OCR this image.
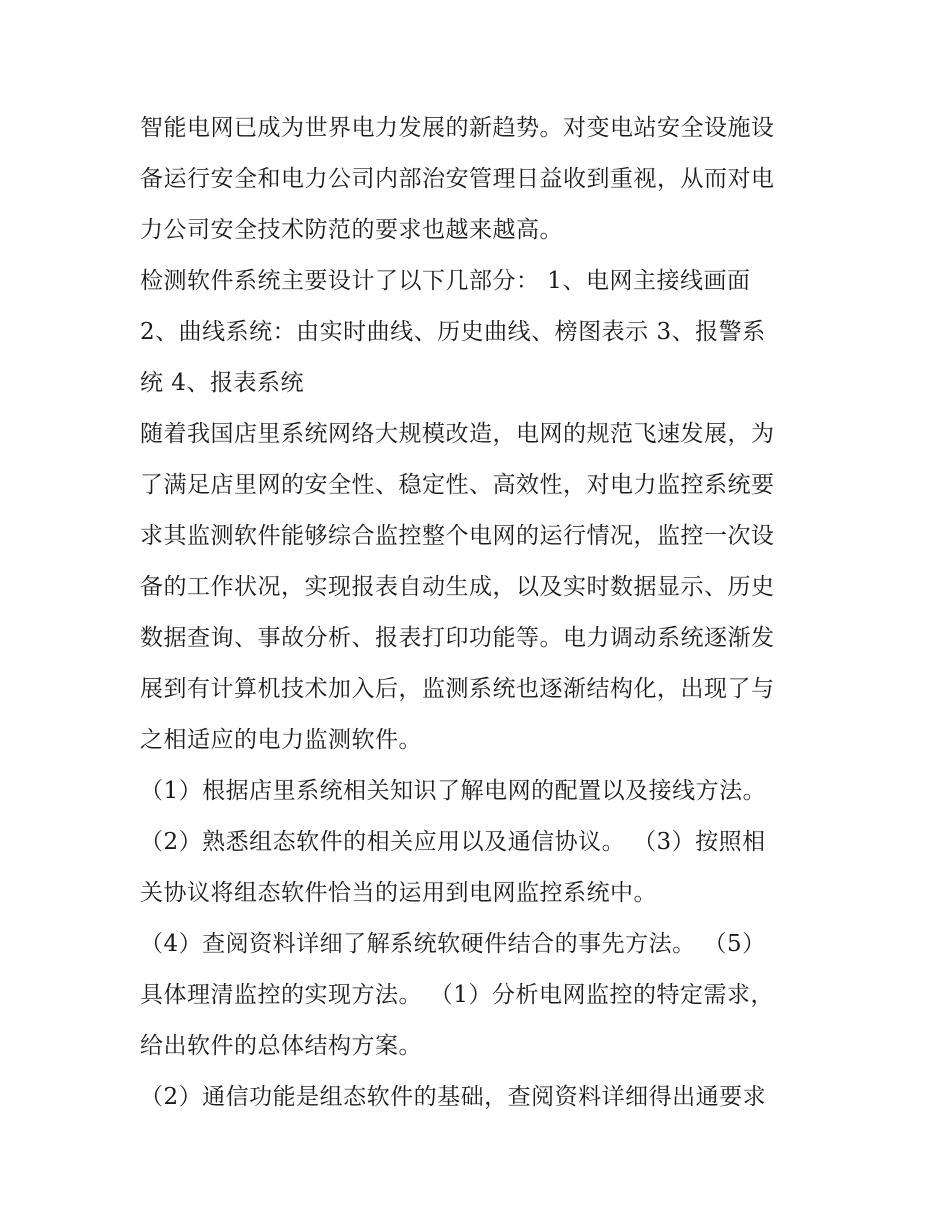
智能电网已成为世界电力发展的新趋势。对变电站安全设施设
备运行安全和电力公司内部治安管理日益收到重视，从而对电
力公司安全技术防范的要求也越来越高。
检测软件系统主要设计了以下几部分： 1、电网主接线画面
2、曲线系统：由实时曲线、历史曲线、榜图表示 3、报警系
统 4、报表系统
随着我国店里系统网络大规模改造，电网的规范飞速发展，为
了满足店里网的安全性、稳定性、高效性，对电力监控系统要
求其监测软件能够综合监控整个电网的运行情况，监控一次设
备的工作状况，实现报表自动生成，以及实时数据显示、历史
数据查询、事故分析、报表打印功能等。电力调动系统逐渐发
展到有计算机技术加入后，监测系统也逐渐结构化，出现了与
之相适应的电力监测软件。
（1）根据店里系统相关知识了解电网的配置以及接线方法。
（2）熟悉组态软件的相关应用以及通信协议。 （3）按照相
关协议将组态软件恰当的运用到电网监控系统中。
（4）查阅资料详细了解系统软硬件结合的事先方法。 （5）
具体理清监控的实现方法。 （1）分析电网监控的特定需求，
给出软件的总体结构方案。
（2）通信功能是组态软件的基础，查阅资料详细得出通要求
